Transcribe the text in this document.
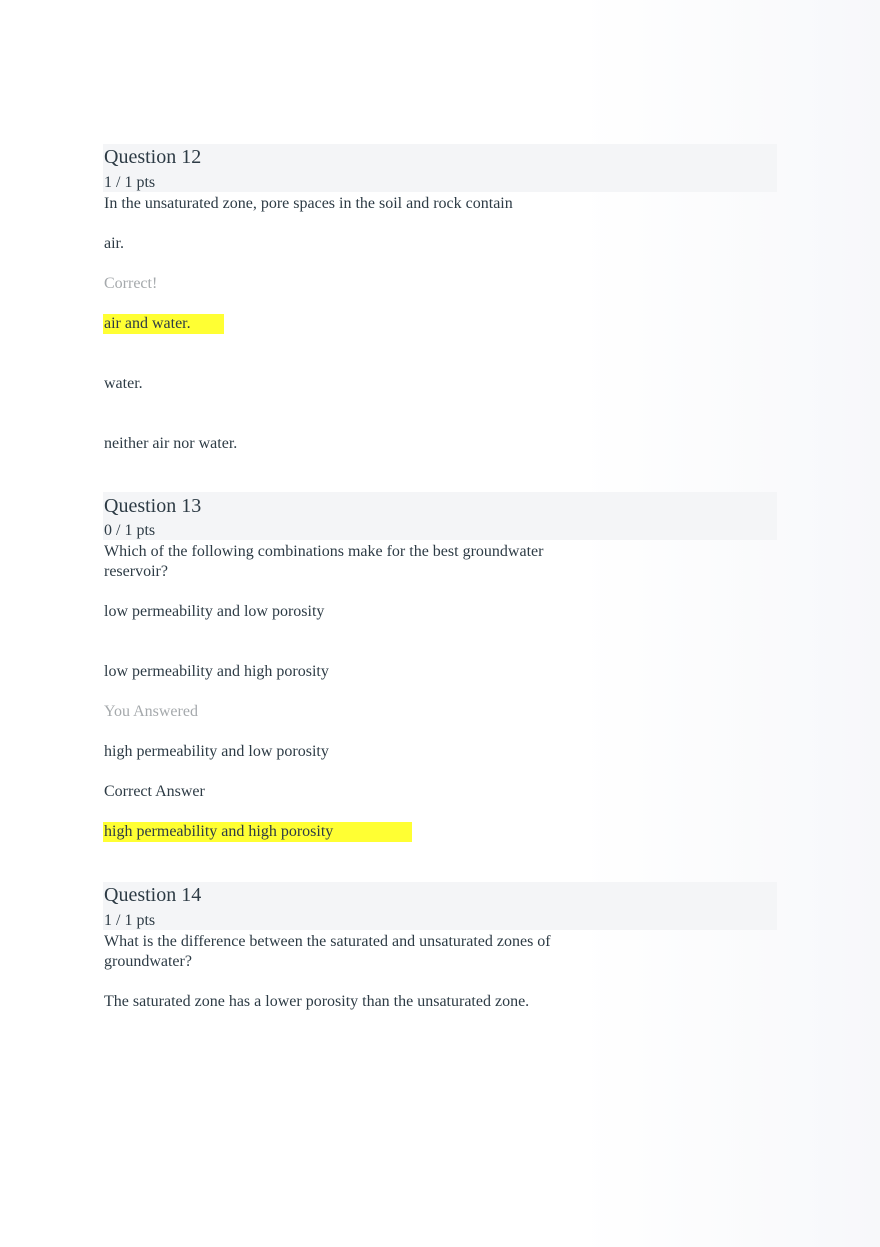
Question 12
1 / 1 pts
In the unsaturated zone, pore spaces in the soil and rock contain
air.
Correct!
air and water.
water.
neither air nor water.
Question 13
0 / 1 pts
Which of the following combinations make for the best groundwater
reservoir?
low permeability and low porosity
low permeability and high porosity
You Answered
high permeability and low porosity
Correct Answer
high permeability and high porosity
Question 14
1 / 1 pts
What is the difference between the saturated and unsaturated zones of
groundwater?
The saturated zone has a lower porosity than the unsaturated zone.
